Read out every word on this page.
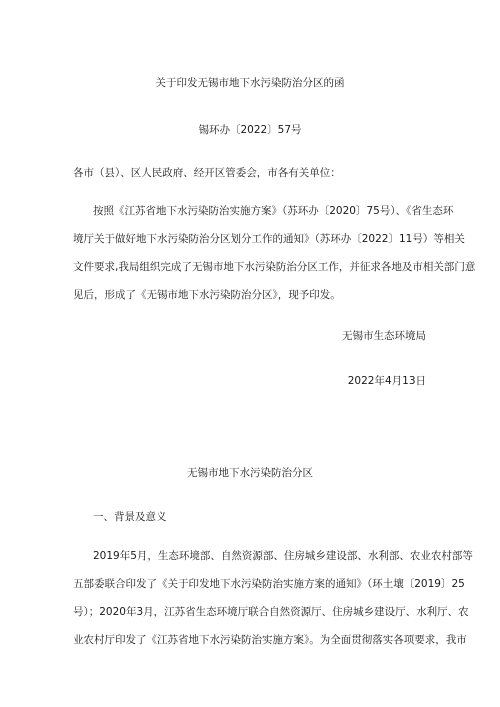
关于印发无锡市地下水污染防治分区的函

锡环办〔2022〕57号

各市（县）、区人民政府、经开区管委会，市各有关单位：

按照《江苏省地下水污染防治实施方案》（苏环办〔2020〕75号）、《省生态环
境厅关于做好地下水污染防治分区划分工作的通知》（苏环办〔2022〕11号）等相关
文件要求,我局组织完成了无锡市地下水污染防治分区工作，并征求各地及市相关部门意
见后，形成了《无锡市地下水污染防治分区》，现予印发。

无锡市生态环境局

2022年4月13日

无锡市地下水污染防治分区

一、背景及意义

2019年5月，生态环境部、自然资源部、住房城乡建设部、水利部、农业农村部等
五部委联合印发了《关于印发地下水污染防治实施方案的通知》（环土壤〔2019〕25
号）；2020年3月，江苏省生态环境厅联合自然资源厅、住房城乡建设厅、水利厅、农
业农村厅印发了《江苏省地下水污染防治实施方案》。为全面贯彻落实各项要求，我市
